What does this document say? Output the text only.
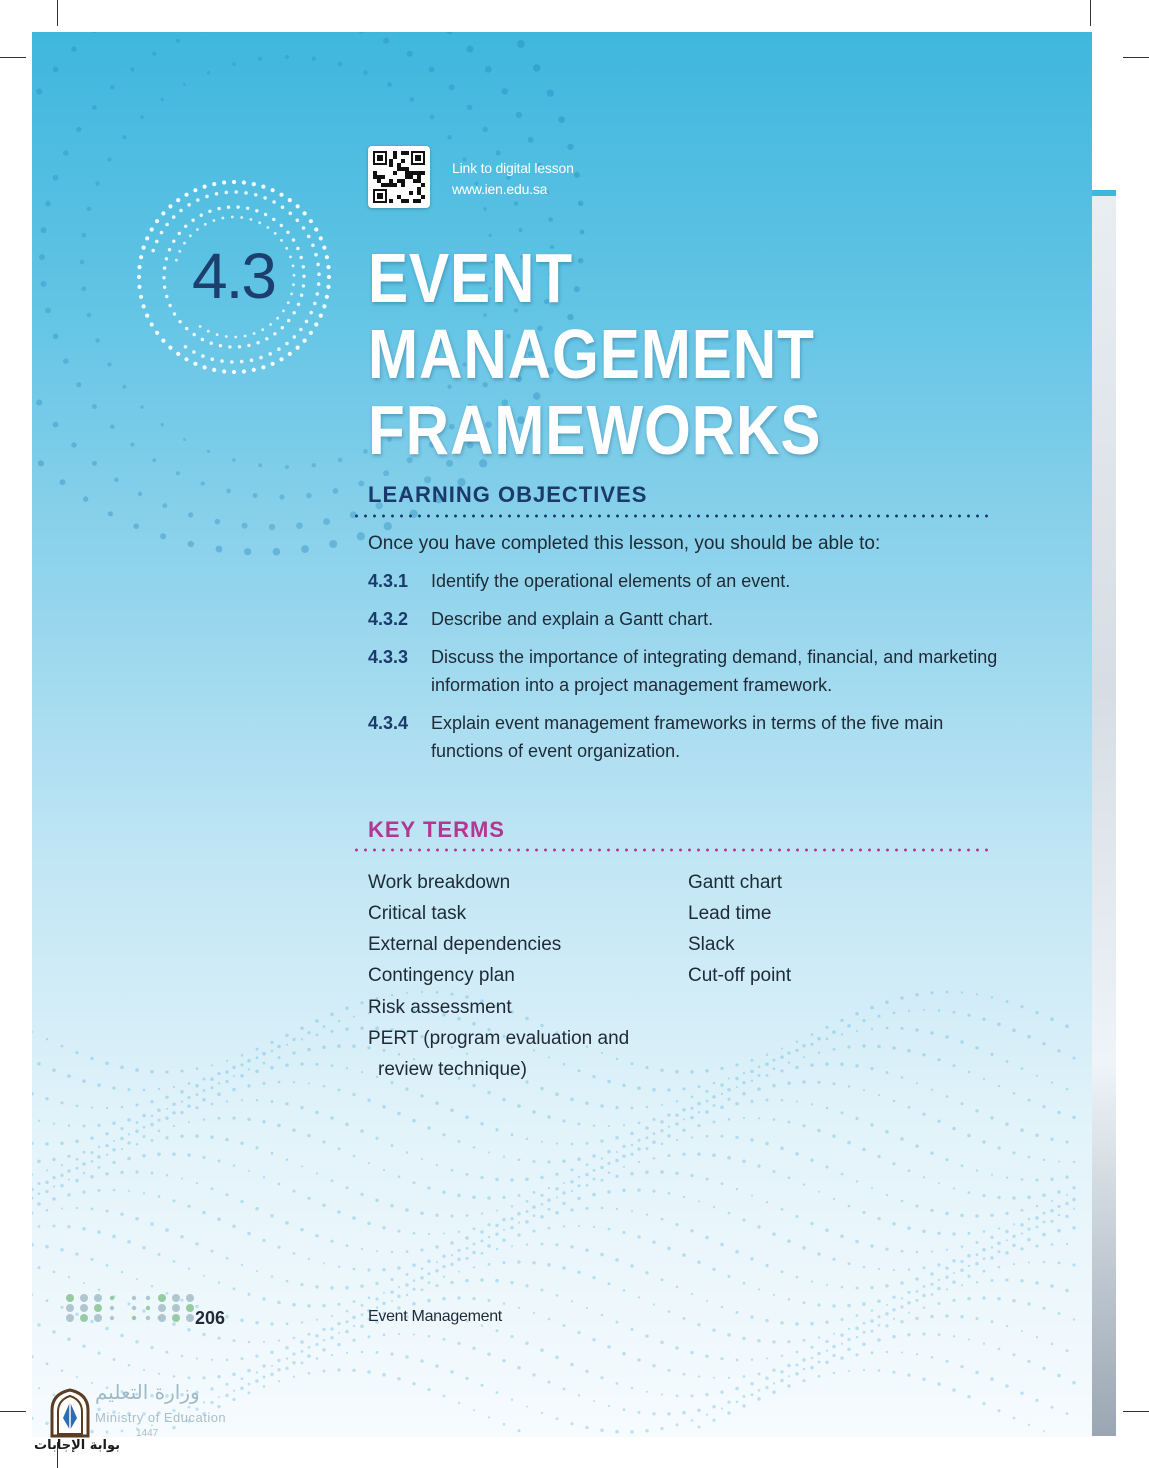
Link to digital lesson
www.ien.edu.sa
4.3 EVENT MANAGEMENT
FRAMEWORKS
LEARNING OBJECTIVES
Once you have completed this lesson, you should be able to:
4.3.1 Identify the operational elements of an event.
4.3.2 Describe and explain a Gantt chart.
4.3.3 Discuss the importance of integrating demand, financial, and marketing information into a project management framework.
4.3.4 Explain event management frameworks in terms of the five main functions of event organization.
KEY TERMS
Work breakdown
Critical task
External dependencies
Contingency plan
Risk assessment
PERT (program evaluation and
review technique)
Gantt chart
Lead time
Slack
Cut-off point
206	Event Management
وزارة التعليم
Ministry of Education
1447
بوابة الإجابات
